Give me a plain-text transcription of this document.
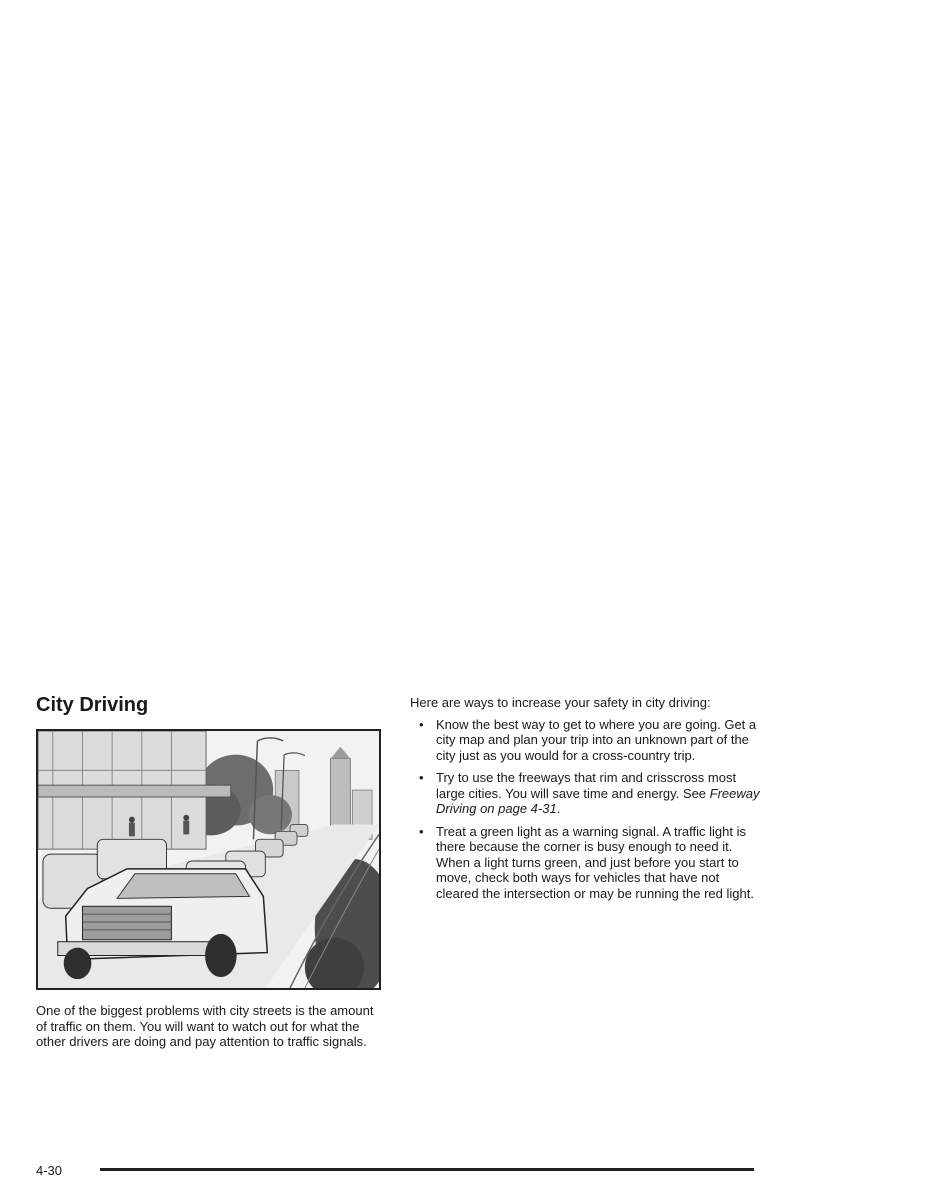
City Driving

One of the biggest problems with city streets is the amount of traffic on them. You will want to watch out for what the other drivers are doing and pay attention to traffic signals.

Here are ways to increase your safety in city driving:

• Know the best way to get to where you are going. Get a city map and plan your trip into an unknown part of the city just as you would for a cross-country trip.
• Try to use the freeways that rim and crisscross most large cities. You will save time and energy. See Freeway Driving on page 4-31.
• Treat a green light as a warning signal. A traffic light is there because the corner is busy enough to need it. When a light turns green, and just before you start to move, check both ways for vehicles that have not cleared the intersection or may be running the red light.

4-30
